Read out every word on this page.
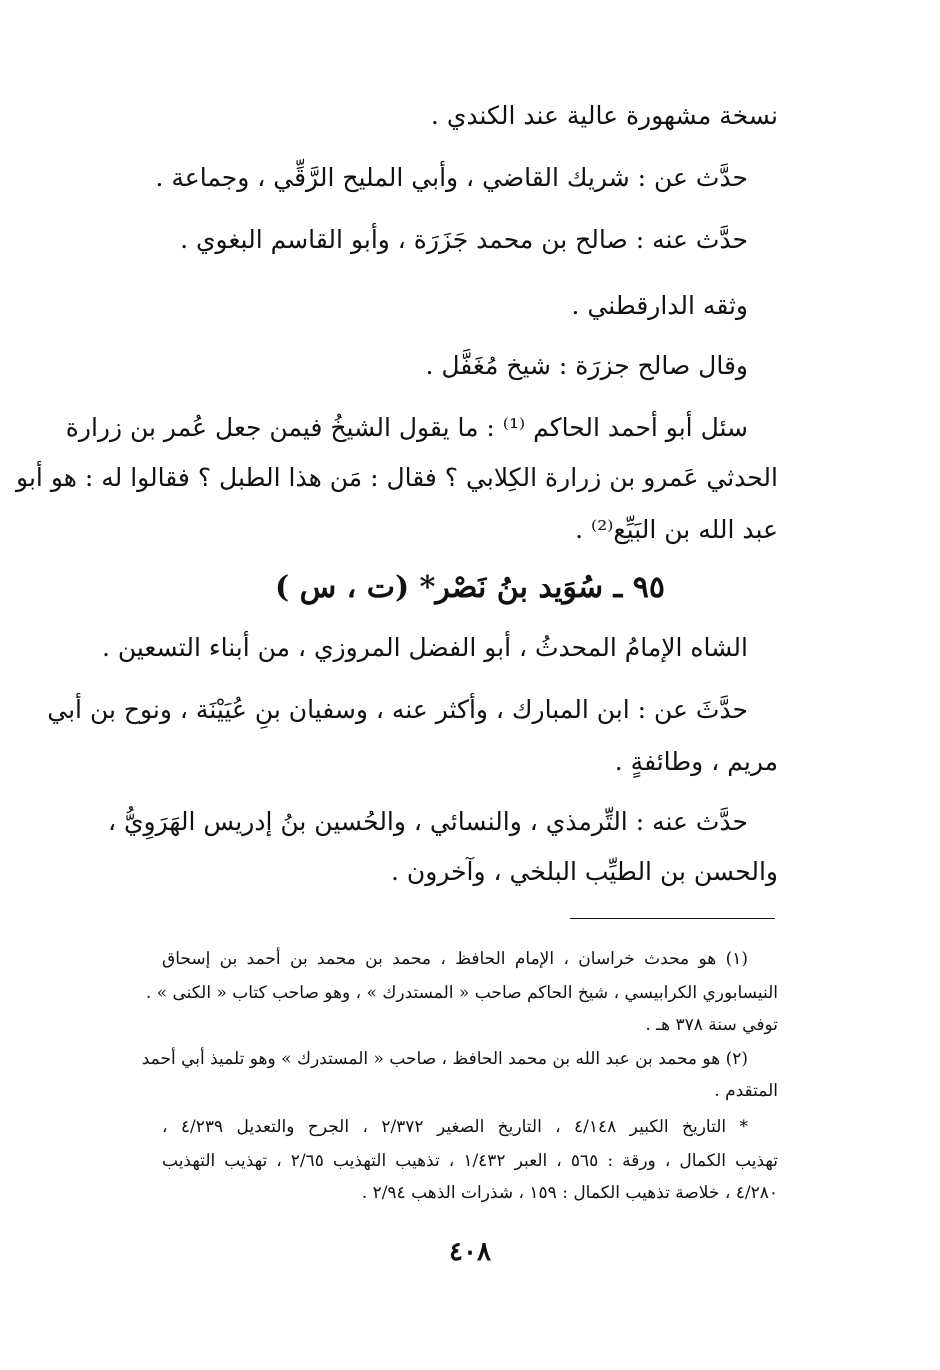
نسخة مشهورة عالية عند الكندي .
حدَّث عن : شريك القاضي ، وأبي المليح الرَّقِّي ، وجماعة .
حدَّث عنه : صالح بن محمد جَزَرَة ، وأبو القاسم البغوي .
وثقه الدارقطني .
وقال صالح جزرَة : شيخ مُغَفَّل .
سئل أبو أحمد الحاكم ⁽¹⁾ : ما يقول الشيخُ فيمن جعل عُمر بن زرارة
الحدثي عَمرو بن زرارة الكِلابي ؟ فقال : مَن هذا الطبل ؟ فقالوا له : هو أبو
عبد الله بن البَيِّع⁽²⁾ .
٩٥ ـ سُوَيد بنُ نَصْر* (ت ، س )
الشاه الإمامُ المحدثُ ، أبو الفضل المروزي ، من أبناء التسعين .
حدَّثَ عن : ابن المبارك ، وأكثر عنه ، وسفيان بنِ عُيَيْنَة ، ونوح بن أبي
مريم ، وطائفةٍ .
حدَّث عنه : التِّرمذي ، والنسائي ، والحُسين بنُ إدريس الهَرَوِيُّ ،
والحسن بن الطيِّب البلخي ، وآخرون .
(١) هو محدث خراسان ، الإمام الحافظ ، محمد بن محمد بن أحمد بن إسحاق
النيسابوري الكرابيسي ، شيخ الحاكم صاحب « المستدرك » ، وهو صاحب كتاب « الكنى » .
توفي سنة ٣٧٨ هـ .
(٢) هو محمد بن عبد الله بن محمد الحافظ ، صاحب « المستدرك » وهو تلميذ أبي أحمد
المتقدم .
* التاريخ الكبير ٤/١٤٨ ، التاريخ الصغير ٢/٣٧٢ ، الجرح والتعديل ٤/٢٣٩ ،
تهذيب الكمال ، ورقة : ٥٦٥ ، العبر ١/٤٣٢ ، تذهيب التهذيب ٢/٦٥ ، تهذيب التهذيب
٤/٢٨٠ ، خلاصة تذهيب الكمال : ١٥٩ ، شذرات الذهب ٢/٩٤ .
٤٠٨
